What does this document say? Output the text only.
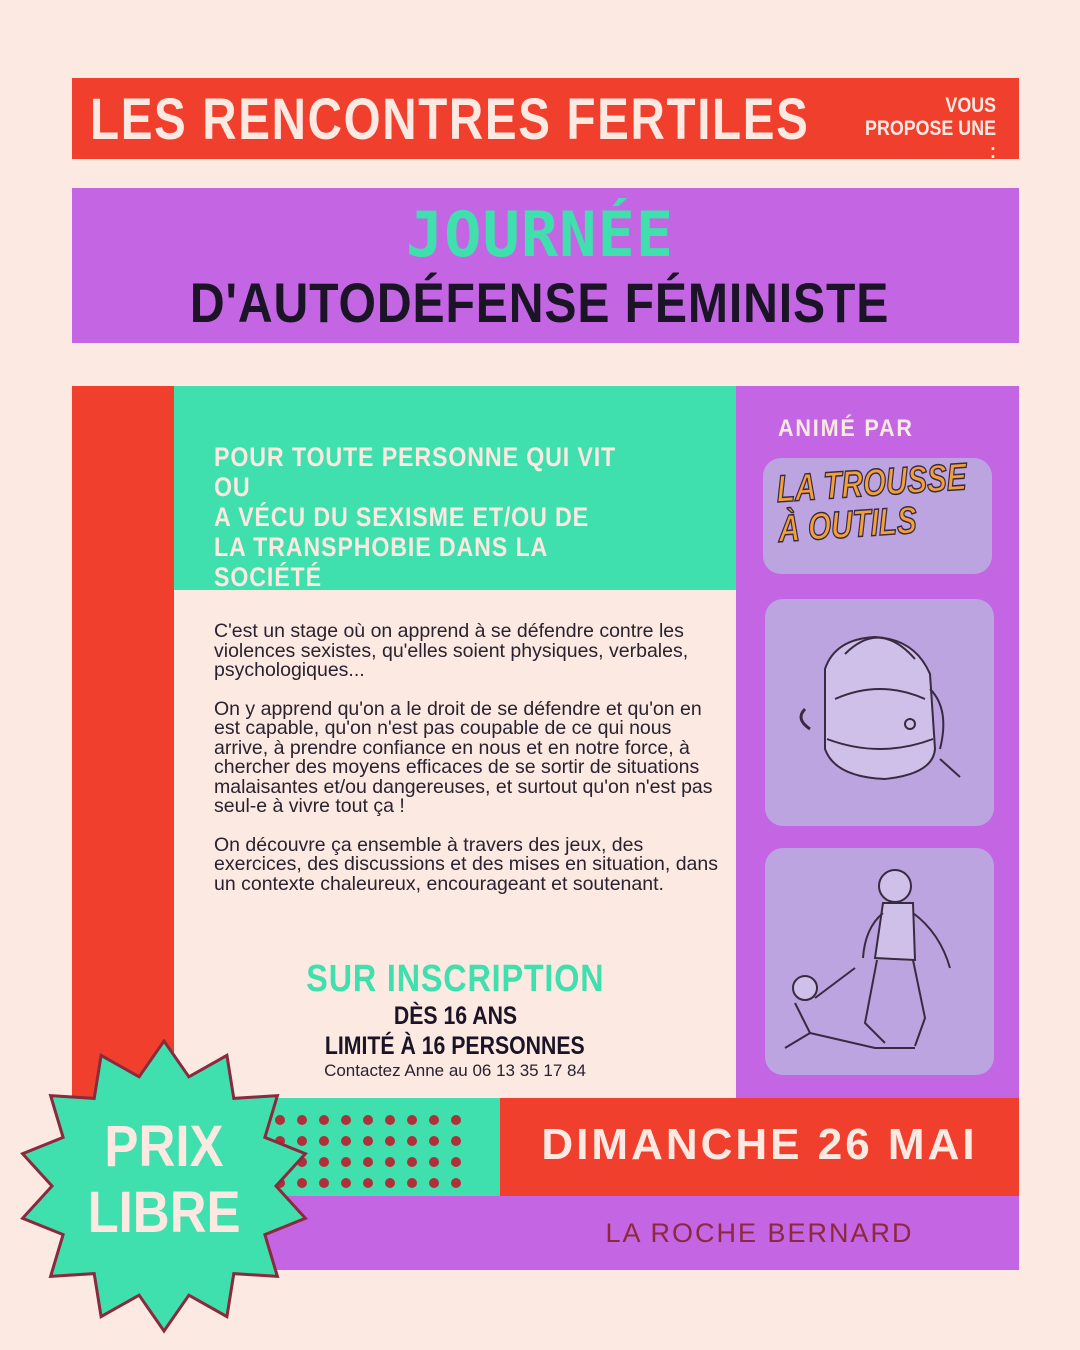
LES RENCONTRES FERTILES	VOUS
PROPOSE UNE :
JOURNÉE
D'AUTODÉFENSE FÉMINISTE
POUR TOUTE PERSONNE QUI VIT OU
A VÉCU DU SEXISME ET/OU DE
LA TRANSPHOBIE DANS LA SOCIÉTÉ
ANIMÉ PAR
LA TROUSSE
À OUTILS

C'est un stage où on apprend à se défendre contre les violences sexistes, qu'elles soient physiques, verbales, psychologiques...

On y apprend qu'on a le droit de se défendre et qu'on en est capable, qu'on n'est pas coupable de ce qui nous arrive, à prendre confiance en nous et en notre force, à chercher des moyens efficaces de se sortir de situations malaisantes et/ou dangereuses, et surtout qu'on n'est pas seul-e à vivre tout ça !

On découvre ça ensemble à travers des jeux, des exercices, des discussions et des mises en situation, dans un contexte chaleureux, encourageant et soutenant.

SUR INSCRIPTION
DÈS 16 ANS
LIMITÉ À 16 PERSONNES
Contactez Anne au 06 13 35 17 84
DIMANCHE 26 MAI
LA ROCHE BERNARD
PRIX
LIBRE
